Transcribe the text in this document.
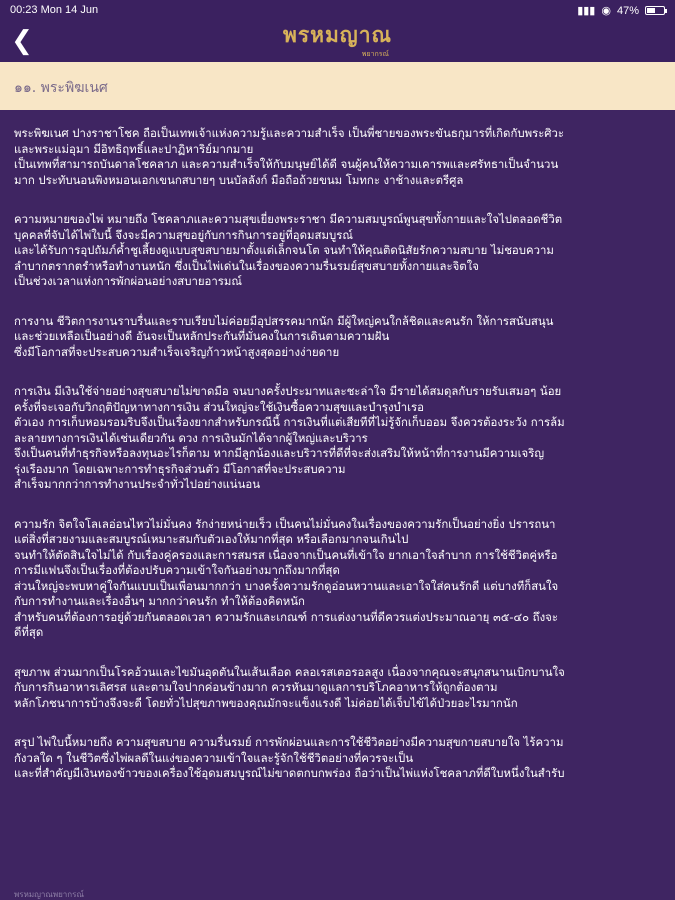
00:23 Mon 14 Jun	▮▮▮ ◉ 47%
❮	พรหมญาณ
พยากรณ์
๑๑. พระพิฆเนศ
พระพิฆเนศ ปางราชาโชค ถือเป็นเทพเจ้าแห่งความรู้และความสำเร็จ เป็นพี่ชายของพระขันธกุมารที่เกิดกับพระศิวะ
และพระแม่อุมา มีอิทธิฤทธิ์และปาฏิหาริย์มากมาย
เป็นเทพที่สามารถบันดาลโชคลาภ และความสำเร็จให้กับมนุษย์ได้ดี จนผู้คนให้ความเคารพและศรัทธาเป็นจำนวน
มาก ประทับนอนพิงหมอนเอกเขนกสบายๆ บนบัลลังก์ มือถือถ้วยขนม โมทกะ งาช้างและตรีศูล
ความหมายของไพ่ หมายถึง โชคลาภและความสุขเยี่ยงพระราชา มีความสมบูรณ์พูนสุขทั้งกายและใจไปตลอดชีวิต
บุคคลที่จับได้ไพ่ใบนี้ จึงจะมีความสุขอยู่กับการกินการอยู่ที่อุดมสมบูรณ์
และได้รับการอุปถัมภ์ค้ำชูเลี้ยงดูแบบสุขสบายมาตั้งแต่เล็กจนโต จนทำให้คุณติดนิสัยรักความสบาย ไม่ชอบความ
ลำบากตรากตรำหรือทำงานหนัก ซึ่งเป็นไพ่เด่นในเรื่องของความรื่นรมย์สุขสบายทั้งกายและจิตใจ
เป็นช่วงเวลาแห่งการพักผ่อนอย่างสบายอารมณ์
การงาน ชีวิตการงานราบรื่นและราบเรียบไม่ค่อยมีอุปสรรคมากนัก มีผู้ใหญ่คนใกล้ชิดและคนรัก ให้การสนับสนุน
และช่วยเหลือเป็นอย่างดี อันจะเป็นหลักประกันที่มั่นคงในการเดินตามความฝัน
ซึ่งมีโอกาสที่จะประสบความสำเร็จเจริญก้าวหน้าสูงสุดอย่างง่ายดาย
การเงิน มีเงินใช้จ่ายอย่างสุขสบายไม่ขาดมือ จนบางครั้งประมาทและชะล่าใจ มีรายได้สมดุลกับรายรับเสมอๆ น้อย
ครั้งที่จะเจอกับวิกฤติปัญหาทางการเงิน ส่วนใหญ่จะใช้เงินซื้อความสุขและบำรุงบำเรอ
ตัวเอง การเก็บหอมรอมริบจึงเป็นเรื่องยากสำหรับกรณีนี้ การเงินที่แต่เสียทีที่ไม่รู้จักเก็บออม จึงควรต้องระวัง การล้ม
ละลายทางการเงินได้เช่นเดียวกัน ดวง การเงินมักได้จากผู้ใหญ่และบริวาร
จึงเป็นคนที่ทำธุรกิจหรือลงทุนอะไรก็ตาม หากมีลูกน้องและบริวารที่ดีที่จะส่งเสริมให้หน้าที่การงานมีความเจริญ
รุ่งเรืองมาก โดยเฉพาะการทำธุรกิจส่วนตัว มีโอกาสที่จะประสบความ
สำเร็จมากกว่าการทำงานประจำทั่วไปอย่างแน่นอน
ความรัก จิตใจโลเลอ่อนไหวไม่มั่นคง รักง่ายหน่ายเร็ว เป็นคนไม่มั่นคงในเรื่องของความรักเป็นอย่างยิ่ง ปรารถนา
แต่สิ่งที่สวยงามและสมบูรณ์เหมาะสมกับตัวเองให้มากที่สุด หรือเลือกมากจนเกินไป
จนทำให้ตัดสินใจไม่ได้ กับเรื่องคู่ครองและการสมรส เนื่องจากเป็นคนที่เข้าใจ ยากเอาใจลำบาก การใช้ชีวิตคู่หรือ
การมีแฟนจึงเป็นเรื่องที่ต้องปรับความเข้าใจกันอย่างมากถึงมากที่สุด
ส่วนใหญ่จะพบหาคู่ใจกันแบบเป็นเพื่อนมากกว่า บางครั้งความรักดูอ่อนหวานและเอาใจใส่คนรักดี แต่บางทีก็สนใจ
กับการทำงานและเรื่องอื่นๆ มากกว่าคนรัก ทำให้ต้องคิดหนัก
สำหรับคนที่ต้องการอยู่ด้วยกันตลอดเวลา ความรักและเกณฑ์ การแต่งงานที่ดีควรแต่งประมาณอายุ ๓๕-๔๐ ถึงจะ
ดีที่สุด
สุขภาพ ส่วนมากเป็นโรคอ้วนและไขมันอุดตันในเส้นเลือด คลอเรสเตอรอลสูง เนื่องจากคุณจะสนุกสนานเบิกบานใจ
กับการกินอาหารเลิศรส และตามใจปากค่อนข้างมาก ควรหันมาดูแลการบริโภคอาหารให้ถูกต้องตาม
หลักโภชนาการบ้างจึงจะดี โดยทั่วไปสุขภาพของคุณมักจะแข็งแรงดี ไม่ค่อยได้เจ็บไข้ได้ป่วยอะไรมากนัก
สรุป ไพ่ใบนี้หมายถึง ความสุขสบาย ความรื่นรมย์ การพักผ่อนและการใช้ชีวิตอย่างมีความสุขกายสบายใจ ไร้ความ
กังวลใด ๆ ในชีวิตซึ่งไพ่ผลดีในแง่ของความเข้าใจและรู้จักใช้ชีวิตอย่างที่ควรจะเป็น
และที่สำคัญมีเงินทองข้าวของเครื่องใช้อุดมสมบูรณ์ไม่ขาดตกบกพร่อง ถือว่าเป็นไพ่แห่งโชคลาภที่ดีใบหนึ่งในสำรับ
พรหมญาณพยากรณ์
